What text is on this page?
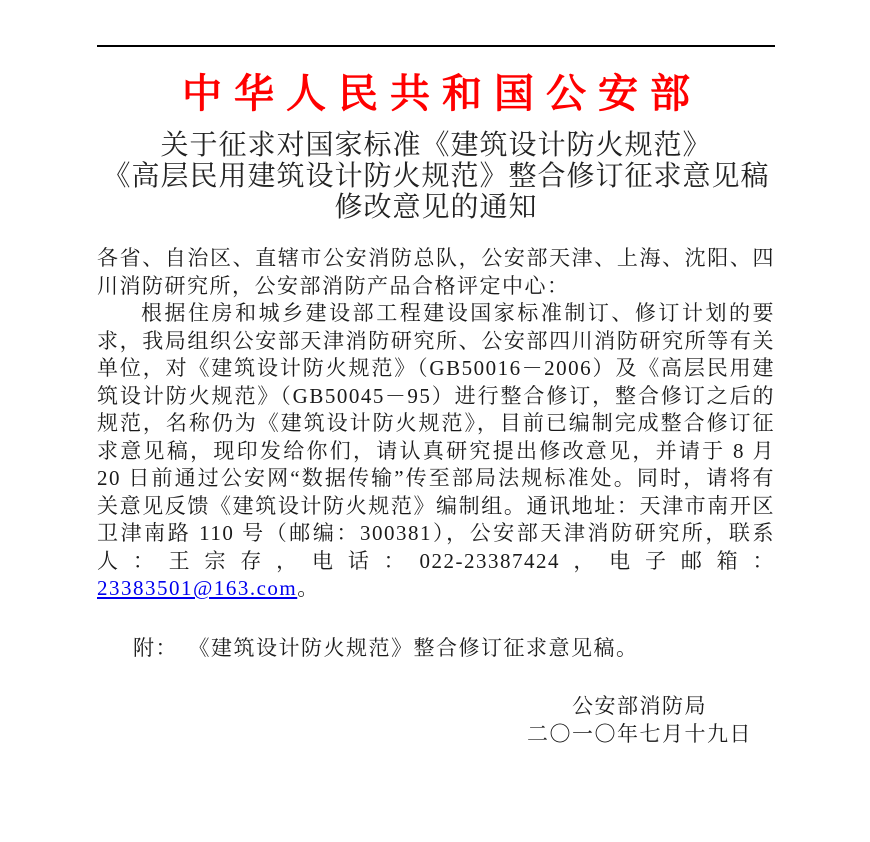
中华人民共和国公安部
关于征求对国家标准《建筑设计防火规范》
《高层民用建筑设计防火规范》整合修订征求意见稿
修改意见的通知

各省、自治区、直辖市公安消防总队，公安部天津、上海、沈阳、四川消防研究所，公安部消防产品合格评定中心：

根据住房和城乡建设部工程建设国家标准制订、修订计划的要求，我局组织公安部天津消防研究所、公安部四川消防研究所等有关单位，对《建筑设计防火规范》（GB50016－2006）及《高层民用建筑设计防火规范》（GB50045－95）进行整合修订，整合修订之后的规范，名称仍为《建筑设计防火规范》，目前已编制完成整合修订征求意见稿，现印发给你们，请认真研究提出修改意见，并请于 8 月 20 日前通过公安网“数据传输”传至部局法规标准处。同时，请将有关意见反馈《建筑设计防火规范》编制组。通讯地址：天津市南开区卫津南路 110 号（邮编：300381），公安部天津消防研究所，联系人：王宗存，电话：022-23387424，电子邮箱：23383501@163.com。

附： 《建筑设计防火规范》整合修订征求意见稿。

公安部消防局
二〇一〇年七月十九日
